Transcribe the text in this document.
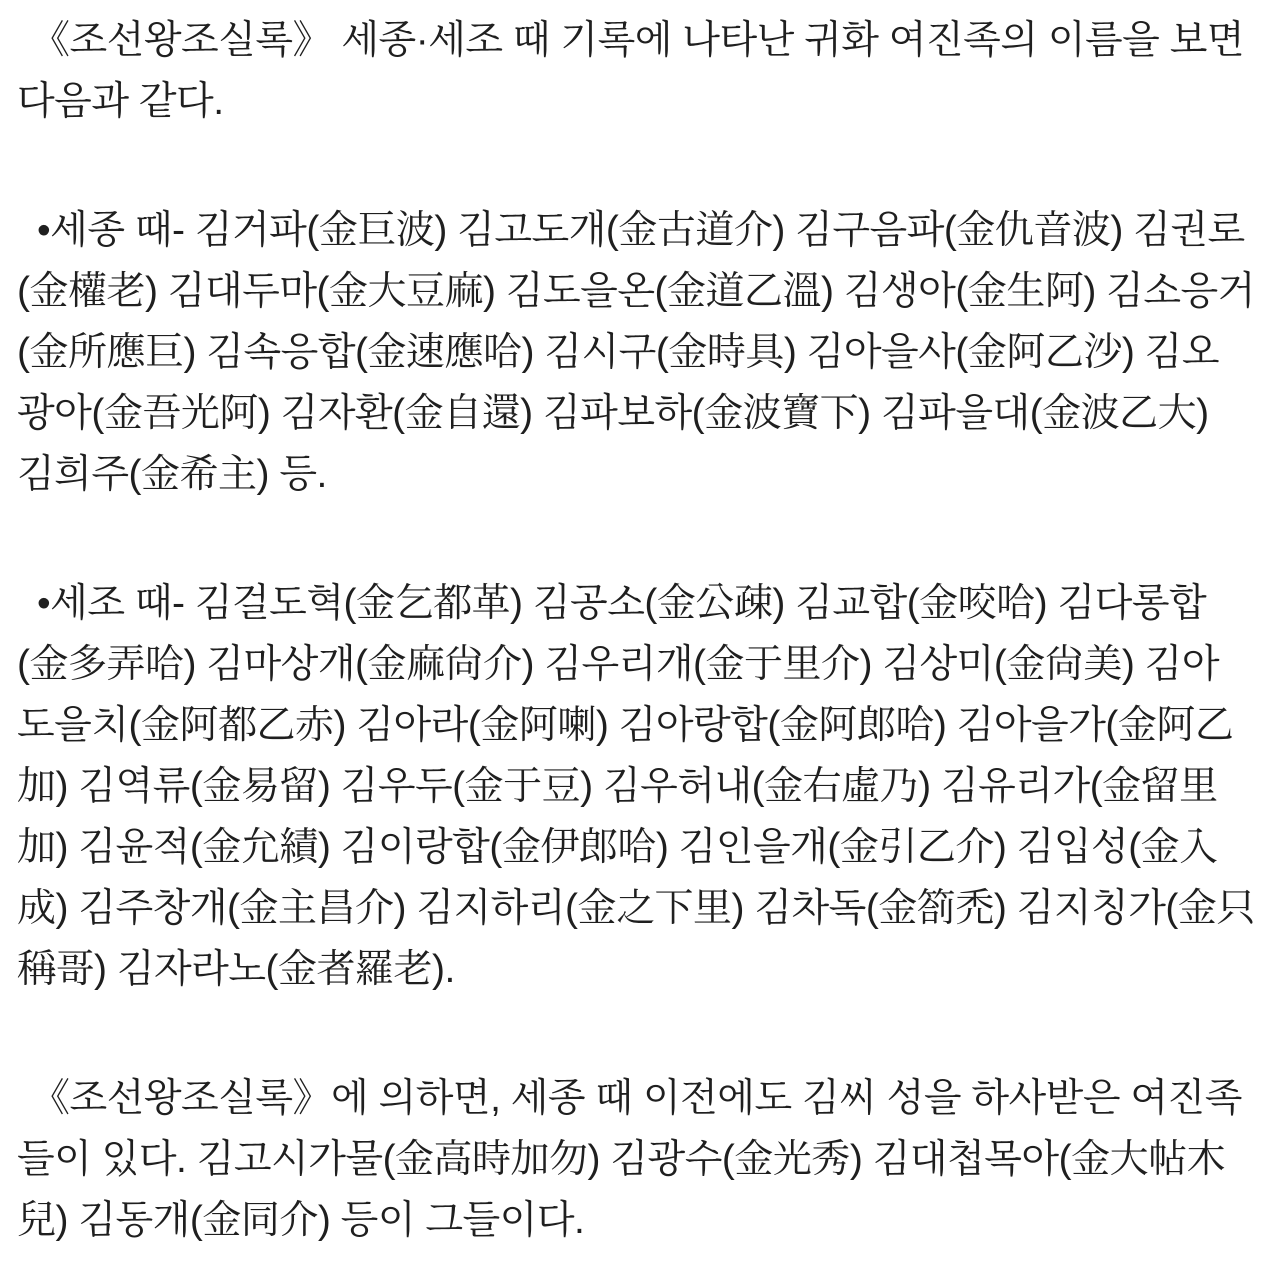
《조선왕조실록》 세종·세조 때 기록에 나타난 귀화 여진족의 이름을 보면 다음과 같다.

•세종 때- 김거파(金巨波) 김고도개(金古道介) 김구음파(金仇音波) 김권로(金權老) 김대두마(金大豆麻) 김도을온(金道乙溫) 김생아(金生阿) 김소응거(金所應巨) 김속응합(金速應哈) 김시구(金時具) 김아을사(金阿乙沙) 김오광아(金吾光阿) 김자환(金自還) 김파보하(金波寶下) 김파을대(金波乙大) 김희주(金希主) 등.

•세조 때- 김걸도혁(金乞都革) 김공소(金公疎) 김교합(金咬哈) 김다롱합(金多弄哈) 김마상개(金麻尙介) 김우리개(金于里介) 김상미(金尙美) 김아도을치(金阿都乙赤) 김아라(金阿喇) 김아랑합(金阿郞哈) 김아을가(金阿乙加) 김역류(金易留) 김우두(金于豆) 김우허내(金右虛乃) 김유리가(金留里加) 김윤적(金允績) 김이랑합(金伊郞哈) 김인을개(金引乙介) 김입성(金入成) 김주창개(金主昌介) 김지하리(金之下里) 김차독(金箚禿) 김지칭가(金只稱哥) 김자라노(金者羅老).

《조선왕조실록》에 의하면, 세종 때 이전에도 김씨 성을 하사받은 여진족들이 있다. 김고시가물(金高時加勿) 김광수(金光秀) 김대첩목아(金大帖木兒) 김동개(金同介) 등이 그들이다.
